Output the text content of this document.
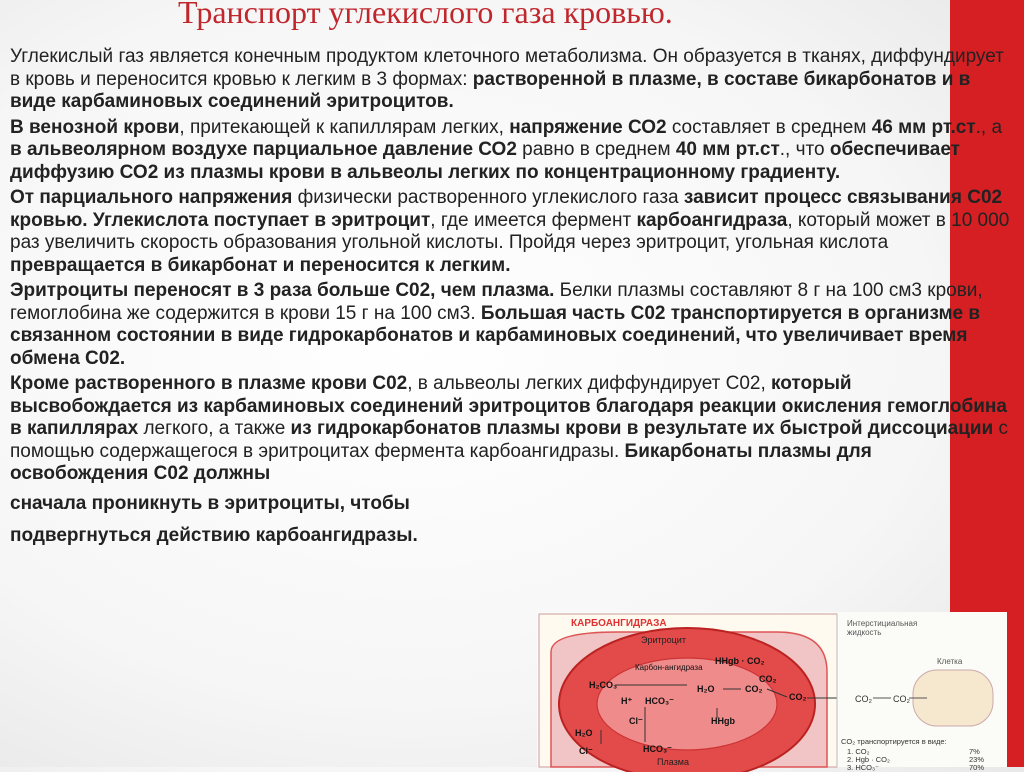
Транспорт углекислого газа кровью.

Углекислый газ является конечным продуктом клеточного метаболизма. Он образуется в тканях, диффундирует в кровь и переносится кровью к легким в 3 формах: растворенной в плазме, в составе бикарбонатов и в виде карбаминовых соединений эритроцитов.

В венозной крови, притекающей к капиллярам легких, напряжение СО2 составляет в среднем 46 мм рт.ст., а в альвеолярном воздухе парциальное давление СО2 равно в среднем 40 мм рт.ст., что обеспечивает диффузию СО2 из плазмы крови в альвеолы легких по концентрационному градиенту.

От парциального напряжения физически растворенного углекислого газа зависит процесс связывания С02 кровью. Углекислота поступает в эритроцит, где имеется фермент карбоангидраза, который может в 10 000 раз увеличить скорость образования угольной кислоты. Пройдя через эритроцит, угольная кислота превращается в бикарбонат и переносится к легким.

Эритроциты переносят в 3 раза больше С02, чем плазма. Белки плазмы составляют 8 г на 100 см3 крови, гемоглобина же содержится в крови 15 г на 100 см3. Большая часть С02 транспортируется в организме в связанном состоянии в виде гидрокарбонатов и карбаминовых соединений, что увеличивает время обмена С02.

Кроме растворенного в плазме крови С02, в альвеолы легких диффундирует С02, который высвобождается из карбаминовых соединений эритроцитов благодаря реакции окисления гемоглобина в капиллярах легкого, а также из гидрокарбонатов плазмы крови в результате их быстрой диссоциации с помощью содержащегося в эритроцитах фермента карбоангидразы. Бикарбонаты плазмы для освобождения С02 должны

сначала проникнуть в эритроциты, чтобы

подвергнуться действию карбоангидразы.

КАРБОАНГИДРАЗА
Эритроцит
HHgb · CO₂
Карбон-ангидраза
H₂CO₃	H₂O	CO₂
CO₂
H⁺ HCO₃⁻
H₂O
Cl⁻	HHgb
Cl⁻	HCO₃⁻
CO₂
Плазма
Интерстициальная жидкость
Клетка
CO₂ CO₂
CO₂ транспортируется в виде:
1. CO₂	7%
2. Hgb · CO₂	23%
3. HCO₃⁻	70%
